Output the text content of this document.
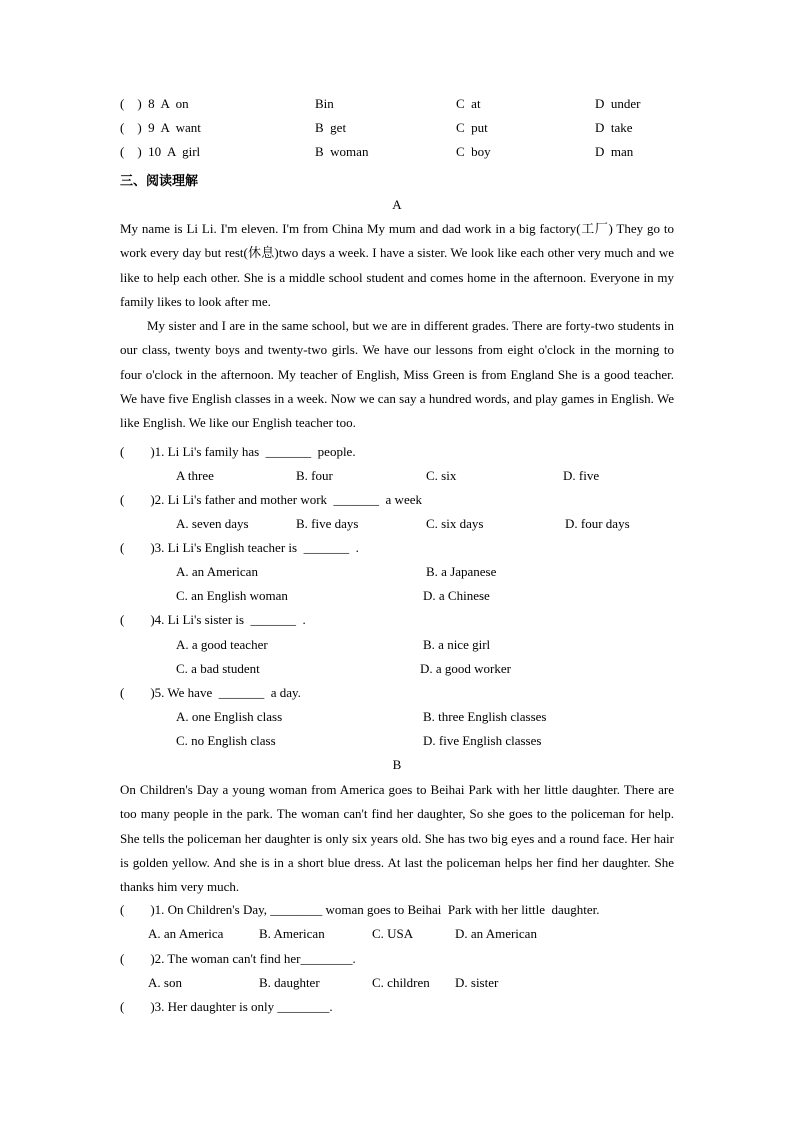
(    )  8  A  on	Bin	C  at	D  under
(    )  9  A  want	B  get	C  put	D  take
(    )  10  A  girl	B  woman	C  boy	D  man
三、阅读理解
A

My name is Li Li. I'm eleven. I'm from China My mum and dad work in a big factory(工厂) They go to work every day but rest(休息)two days a week. I have a sister. We look like each other very much and we like to help each other. She is a middle school student and comes home in the afternoon. Everyone in my family likes to look after me.

My sister and I are in the same school, but we are in different grades. There are forty-two students in our class, twenty boys and twenty-two girls. We have our lessons from eight o'clock in the morning to four o'clock in the afternoon. My teacher of English, Miss Green is from England She is a good teacher. We have five English classes in a week. Now we can say a hundred words, and play games in English. We like English. We like our English teacher too.

(        )1. Li Li's family has  _______  people.
A three	B. four	C. six	D. five
(        )2. Li Li's father and mother work  _______  a week
A. seven days	B. five days	C. six days	D. four days
(        )3. Li Li's English teacher is  _______  .
A. an American	B. a Japanese
C. an English woman	D. a Chinese
(        )4. Li Li's sister is  _______  .
A. a good teacher	B. a nice girl
C. a bad student	D. a good worker
(        )5. We have  _______  a day.
A. one English class	B. three English classes
C. no English class	D. five English classes
B

On Children's Day a young woman from America goes to Beihai Park with her little daughter. There are too many people in the park. The woman can't find her daughter, So she goes to the policeman for help. She tells the policeman her daughter is only six years old. She has two big eyes and a round face. Her hair is golden yellow. And she is in a short blue dress. At last the policeman helps her find her daughter. She thanks him very much.

(        )1. On Children's Day, ________ woman goes to Beihai  Park with her little  daughter.
A. an America	B. American	C. USA	D. an American
(        )2. The woman can't find her________.
A. son	B. daughter	C. children D. sister
(        )3. Her daughter is only ________.
